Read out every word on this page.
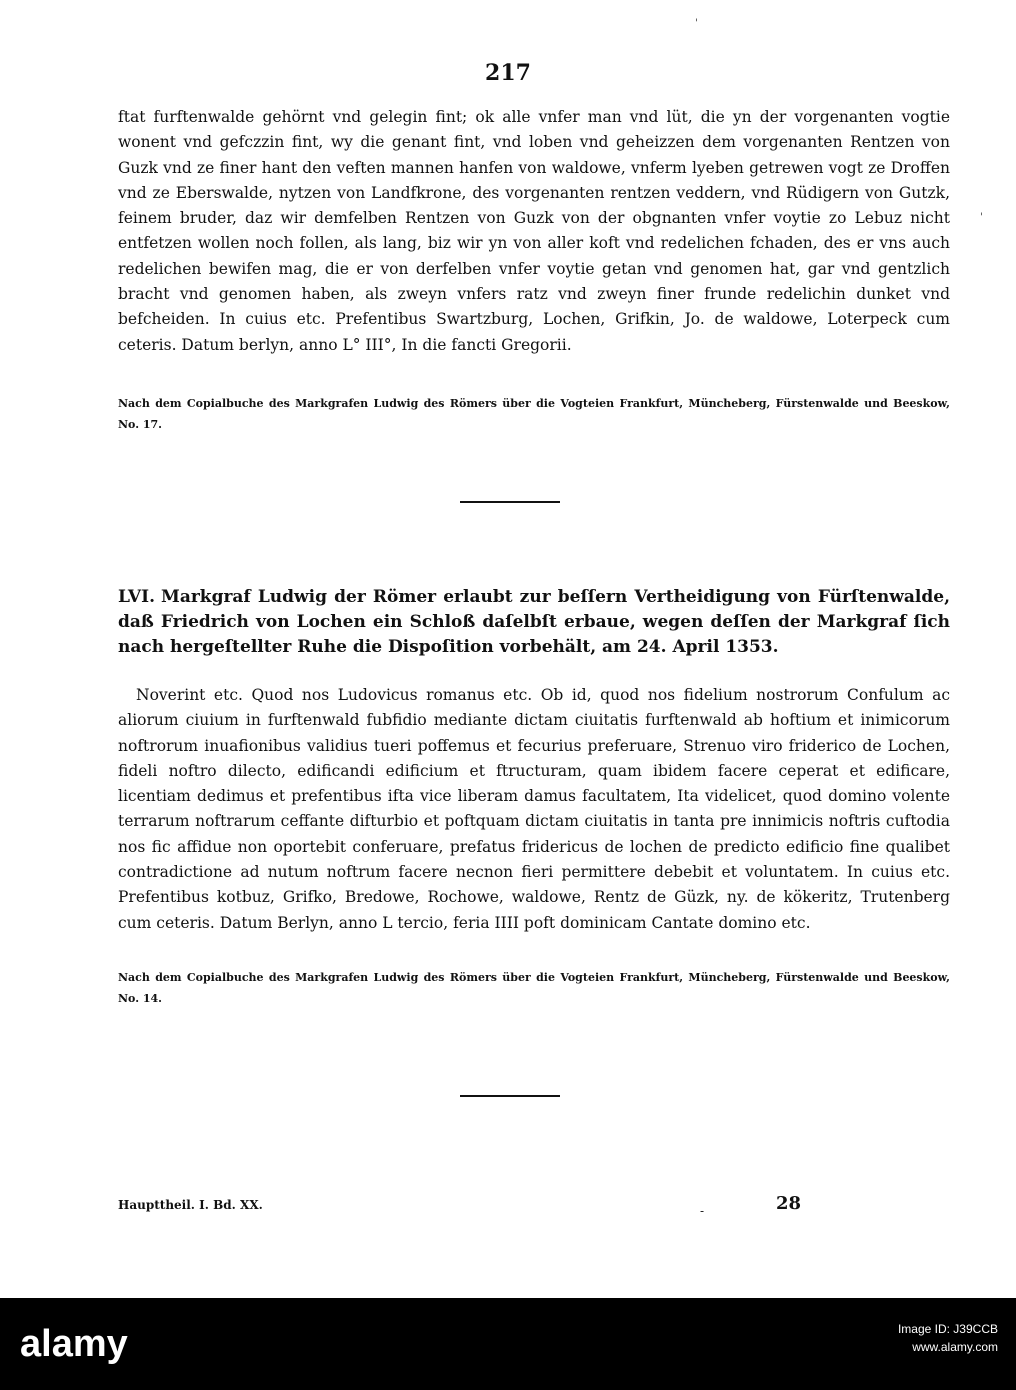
'
217

ftat furftenwalde gehörnt vnd gelegin fint; ok alle vnfer man vnd lüt, die yn der vorgenanten vogtie wonent vnd gefczzin fint, wy die genant fint, vnd loben vnd geheizzen dem vorgenanten Rentzen von Guzk vnd ze finer hant den veften mannen hanfen von waldowe, vnferm lyeben getrewen vogt ze Droffen vnd ze Eberswalde, nytzen von Landfkrone, des vorgenanten rentzen veddern, vnd Rüdigern von Gutzk, feinem bruder, daz wir demfelben Rentzen von Guzk von der obgnanten vnfer voytie zo Lebuz nicht entfetzen wollen noch follen, als lang, biz wir yn von aller koft vnd redelichen fchaden, des er vns auch redelichen bewifen mag, die er von derfelben vnfer voytie getan vnd genomen hat, gar vnd gentzlich bracht vnd genomen haben, als zweyn vnfers ratz vnd zweyn finer frunde redelichin dunket vnd befcheiden. In cuius etc. Prefentibus Swartzburg, Lochen, Grifkin, Jo. de waldowe, Loterpeck cum ceteris. Datum berlyn, anno L° III°, In die fancti Gregorii.

'

Nach dem Copialbuche des Markgrafen Ludwig des Römers über die Vogteien Frankfurt, Müncheberg, Fürstenwalde und Beeskow, No. 17.

LVI. Markgraf Ludwig der Römer erlaubt zur beſſern Vertheidigung von Fürſtenwalde, daß Friedrich von Lochen ein Schloß daſelbſt erbaue, wegen deſſen der Markgraf ſich nach hergeſtellter Ruhe die Dispoſition vorbehält, am 24. April 1353.

Noverint etc. Quod nos Ludovicus romanus etc. Ob id, quod nos fidelium nostrorum Confulum ac aliorum ciuium in furftenwald fubfidio mediante dictam ciuitatis furftenwald ab hoftium et inimicorum noftrorum inuafionibus validius tueri poffemus et fecurius preferuare, Strenuo viro friderico de Lochen, fideli noftro dilecto, edificandi edificium et ftructuram, quam ibidem facere ceperat et edificare, licentiam dedimus et prefentibus ifta vice liberam damus facultatem, Ita videlicet, quod domino volente terrarum noftrarum ceffante difturbio et poftquam dictam ciuitatis in tanta pre innimicis noftris cuftodia nos fic affidue non oportebit conferuare, prefatus fridericus de lochen de predicto edificio fine qualibet contradictione ad nutum noftrum facere necnon fieri permittere debebit et voluntatem. In cuius etc. Prefentibus kotbuz, Grifko, Bredowe, Rochowe, waldowe, Rentz de Güzk, ny. de kökeritz, Trutenberg cum ceteris. Datum Berlyn, anno L tercio, feria IIII poft dominicam Cantate domino etc.

Nach dem Copialbuche des Markgrafen Ludwig des Römers über die Vogteien Frankfurt, Müncheberg, Fürstenwalde und Beeskow, No. 14.

Haupttheil. I. Bd. XX.	-	28
alamy	Image ID: J39CCB
www.alamy.com
